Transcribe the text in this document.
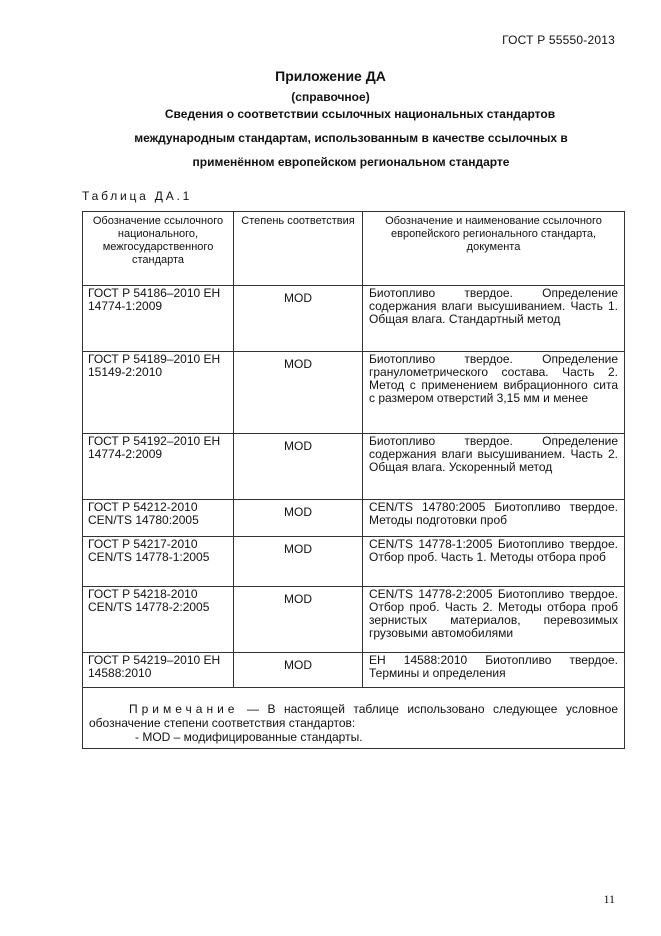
ГОСТ Р 55550-2013
Приложение ДА
(справочное)
Сведения о соответствии ссылочных национальных стандартов
международным стандартам, использованным в качестве ссылочных в
применённом европейском региональном стандарте
Таблица ДА.1
Обозначение ссылочного национального, межгосударственного стандарта	Степень соответствия	Обозначение и наименование ссылочного европейского регионального стандарта, документа
ГОСТ Р 54186–2010 ЕН 14774-1:2009	MOD	Биотопливо твердое. Определение содержания влаги высушиванием. Часть 1. Общая влага. Стандартный метод
ГОСТ Р 54189–2010 ЕН 15149-2:2010	MOD	Биотопливо твердое. Определение гранулометрического состава. Часть 2. Метод с применением вибрационного сита с размером отверстий 3,15 мм и менее
ГОСТ Р 54192–2010 ЕН 14774-2:2009	MOD	Биотопливо твердое. Определение содержания влаги высушиванием. Часть 2. Общая влага. Ускоренный метод
ГОСТ Р 54212-2010 CEN/TS 14780:2005	MOD	CEN/TS 14780:2005 Биотопливо твердое. Методы подготовки проб
ГОСТ Р 54217-2010 CEN/TS 14778-1:2005	MOD	CEN/TS 14778-1:2005 Биотопливо твердое. Отбор проб. Часть 1. Методы отбора проб
ГОСТ Р 54218-2010 CEN/TS 14778-2:2005	MOD	CEN/TS 14778-2:2005 Биотопливо твердое. Отбор проб. Часть 2. Методы отбора проб зернистых материалов, перевозимых грузовыми автомобилями
ГОСТ Р 54219–2010 ЕН 14588:2010	MOD	ЕН 14588:2010 Биотопливо твердое. Термины и определения
Примечание — В настоящей таблице использовано следующее условное обозначение степени соответствия стандартов:
- MOD – модифицированные стандарты.		
11
